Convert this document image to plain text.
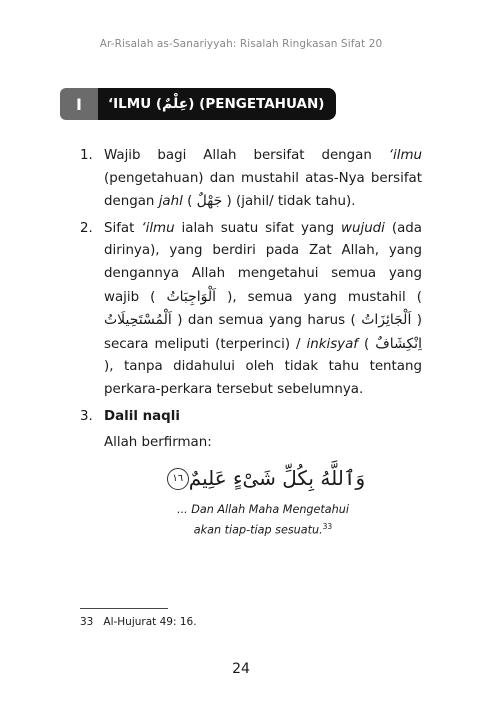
Ar-Risalah as-Sanariyyah: Risalah Ringkasan Sifat 20
I	‘ILMU ( عِلْمٌ ) (PENGETAHUAN)
1. Wajib bagi Allah bersifat dengan ‘ilmu (pengetahuan) dan mustahil atas-Nya bersifat dengan jahl ( جَهْلٌ ) (jahil/ tidak tahu).
2. Sifat ‘ilmu ialah suatu sifat yang wujudi (ada dirinya), yang berdiri pada Zat Allah, yang dengannya Allah mengetahui semua yang wajib ( اَلْوَاجِبَاتُ ), semua yang mustahil ( اَلْمُسْتَحِيلَاتُ ) dan semua yang harus ( اَلْجَائِزَاتُ ) secara meliputi (terperinci) / inkisyaf ( اِنْكِشَافٌ ), tanpa didahului oleh tidak tahu tentang perkara-perkara tersebut sebelumnya.
3. Dalil naqli
Allah berfirman:
وَٱللَّهُ بِكُلِّ شَىْءٍ عَلِيمٌ١٦
... Dan Allah Maha Mengetahui
akan tiap-tiap sesuatu.$^{33}$
33 Al-Hujurat 49: 16.
24
